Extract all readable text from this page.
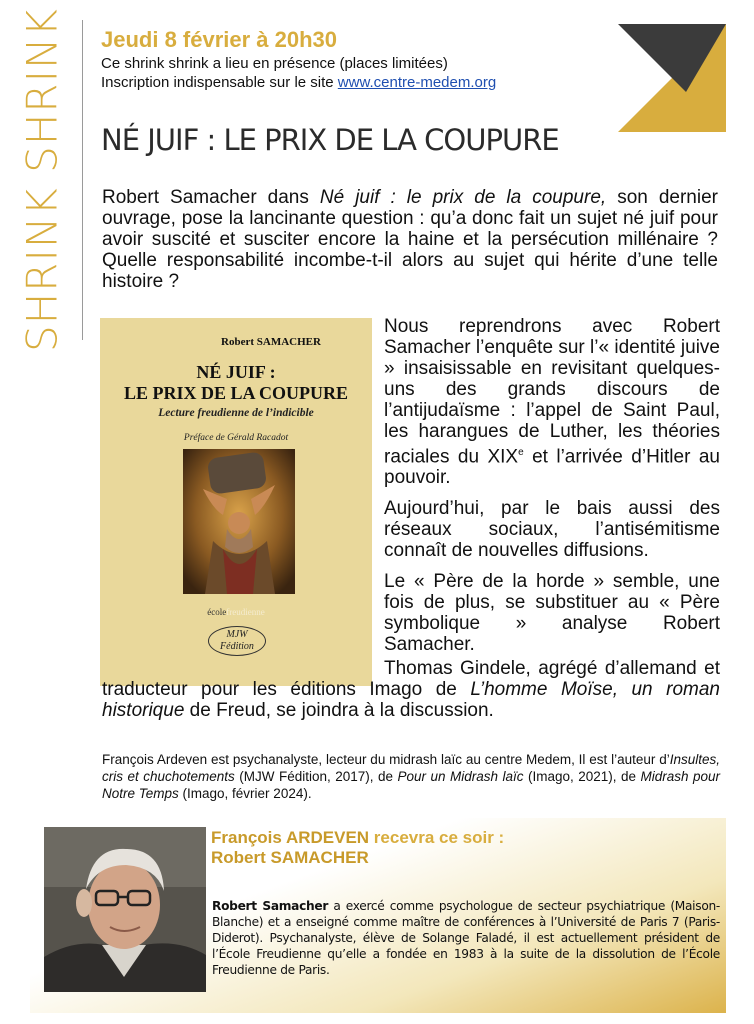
SHRINK SHRINK Jeudi 8 février à 20h30
Ce shrink shrink a lieu en présence (places limitées)
Inscription indispensable sur le site www.centre-medem.org
NÉ JUIF : LE PRIX DE LA COUPURE

Robert Samacher dans Né juif : le prix de la coupure, son dernier ouvrage, pose la lancinante question : qu’a donc fait un sujet né juif pour avoir suscité et susciter encore la haine et la persécution millénaire ? Quelle responsabilité incombe-t-il alors au sujet qui hérite d’une telle histoire ?

Robert SAMACHER
NÉ JUIF :
LE PRIX DE LA COUPURE
Lecture freudienne de l’indicible
Préface de Gérald Racadot
écolefreudienne
MJW
Fédition

Nous reprendrons avec Robert Samacher l’enquête sur l’« identité juive » insaisissable en revisitant quelques-uns des grands discours de l’antijudaïsme : l’appel de Saint Paul, les harangues de Luther, les théories raciales du XIXe et l’arrivée d’Hitler au pouvoir.

Aujourd’hui, par le bais aussi des réseaux sociaux, l’antisémitisme connaît de nouvelles diffusions.

Le « Père de la horde » semble, une fois de plus, se substituer au « Père symbolique » analyse Robert Samacher.

Thomas Gindele, agrégé d’allemand et traducteur pour les éditions Imago de L’homme Moïse, un roman historique de Freud, se joindra à la discussion.

François Ardeven est psychanalyste, lecteur du midrash laïc au centre Medem, Il est l’auteur d’Insultes, cris et chuchotements (MJW Fédition, 2017), de Pour un Midrash laïc (Imago, 2021), de Midrash pour Notre Temps (Imago, février 2024).

François ARDEVEN recevra ce soir :
Robert SAMACHER

Robert Samacher a exercé comme psychologue de secteur psychiatrique (Maison-Blanche) et a enseigné comme maître de conférences à l’Université de Paris 7 (Paris-Diderot). Psychanalyste, élève de Solange Faladé, il est actuellement président de l’École Freudienne qu’elle a fondée en 1983 à la suite de la dissolution de l’École Freudienne de Paris.
